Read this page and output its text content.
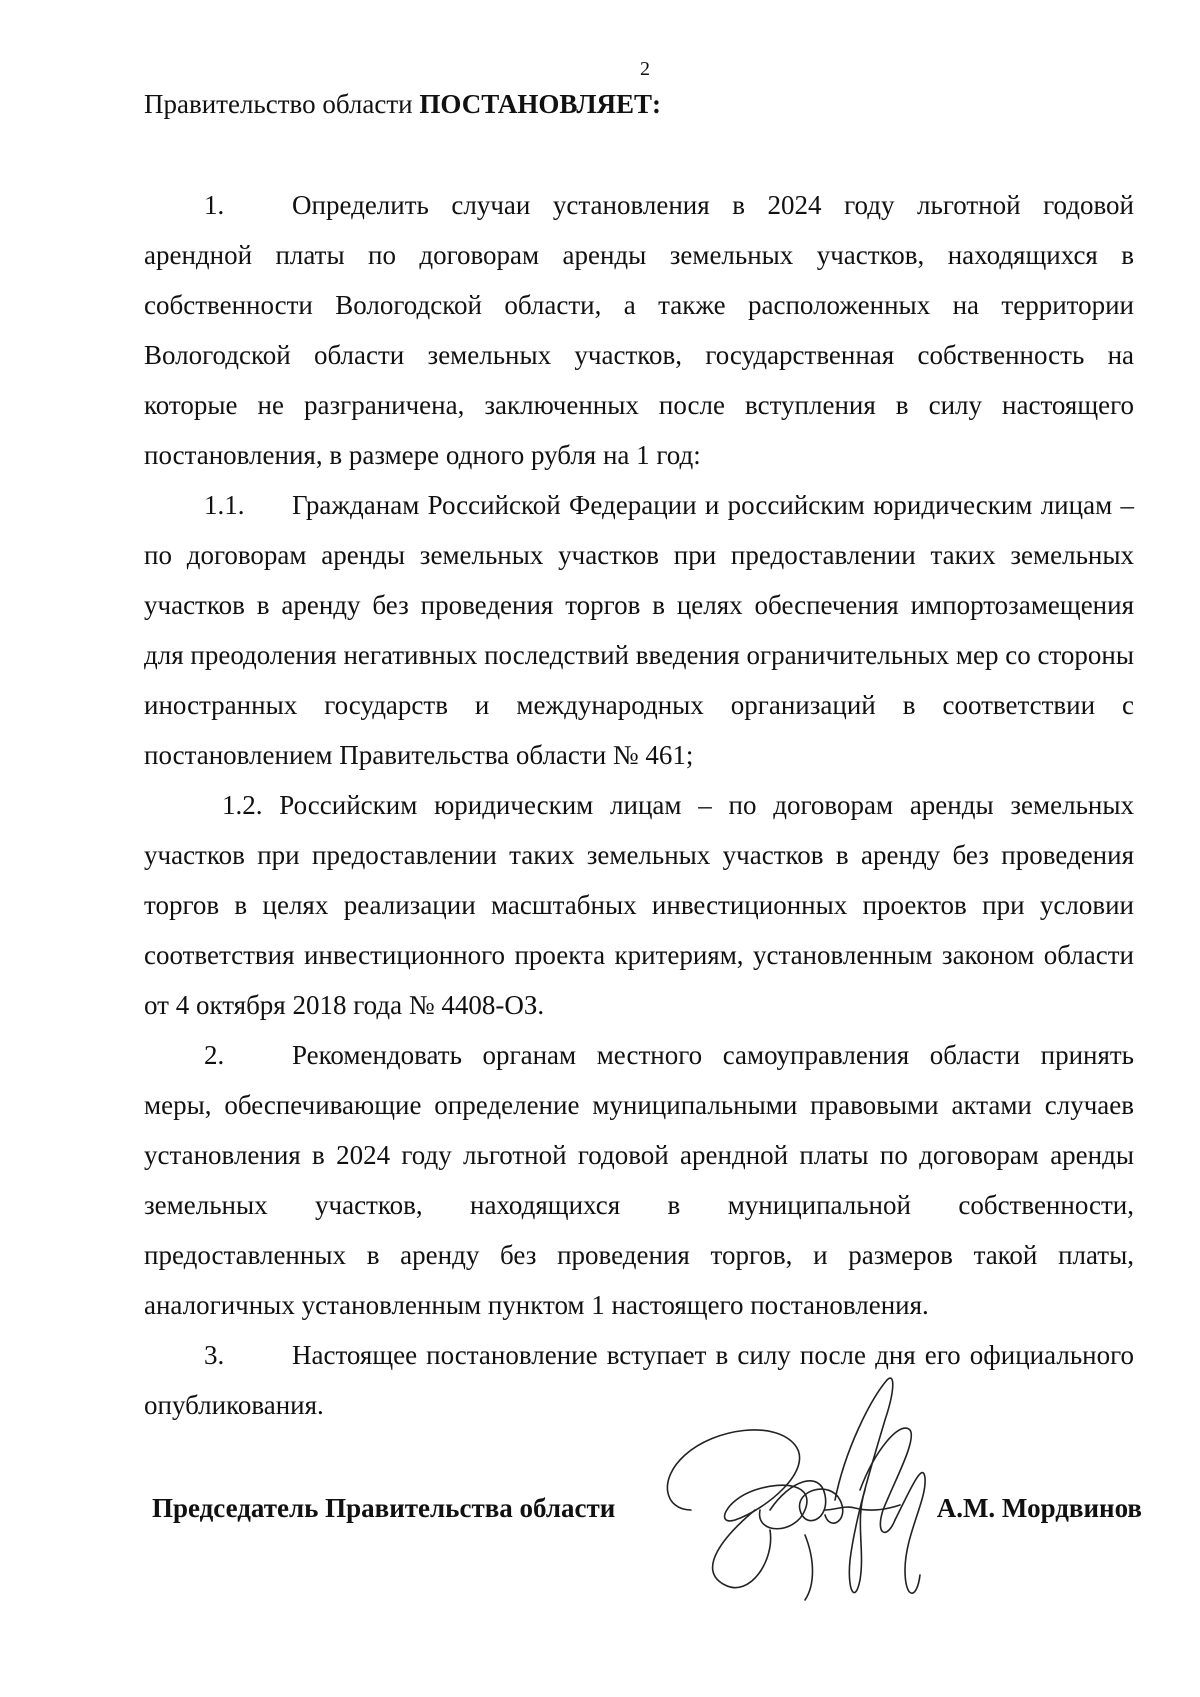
2
Правительство области ПОСТАНОВЛЯЕТ:

1.	Определить случаи установления в 2024 году льготной годовой арендной платы по договорам аренды земельных участков, находящихся в собственности Вологодской области, а также расположенных на территории Вологодской области земельных участков, государственная собственность на которые не разграничена, заключенных после вступления в силу настоящего постановления, в размере одного рубля на 1 год:

1.1. Гражданам Российской Федерации и российским юридическим лицам – по договорам аренды земельных участков при предоставлении таких земельных участков в аренду без проведения торгов в целях обеспечения импортозамещения для преодоления негативных последствий введения ограничительных мер со стороны иностранных государств и международных организаций в соответствии с постановлением Правительства области № 461;

1.2. Российским юридическим лицам – по договорам аренды земельных участков при предоставлении таких земельных участков в аренду без проведения торгов в целях реализации масштабных инвестиционных проектов при условии соответствия инвестиционного проекта критериям, установленным законом области от 4 октября 2018 года № 4408-ОЗ.

2.	Рекомендовать органам местного самоуправления области принять меры, обеспечивающие определение муниципальными правовыми актами случаев установления в 2024 году льготной годовой арендной платы по договорам аренды земельных участков, находящихся в муниципальной собственности, предоставленных в аренду без проведения торгов, и размеров такой платы, аналогичных установленным пунктом 1 настоящего постановления.

3.	Настоящее постановление вступает в силу после дня его официального опубликования.

Председатель Правительства области	А.М. Мордвинов
